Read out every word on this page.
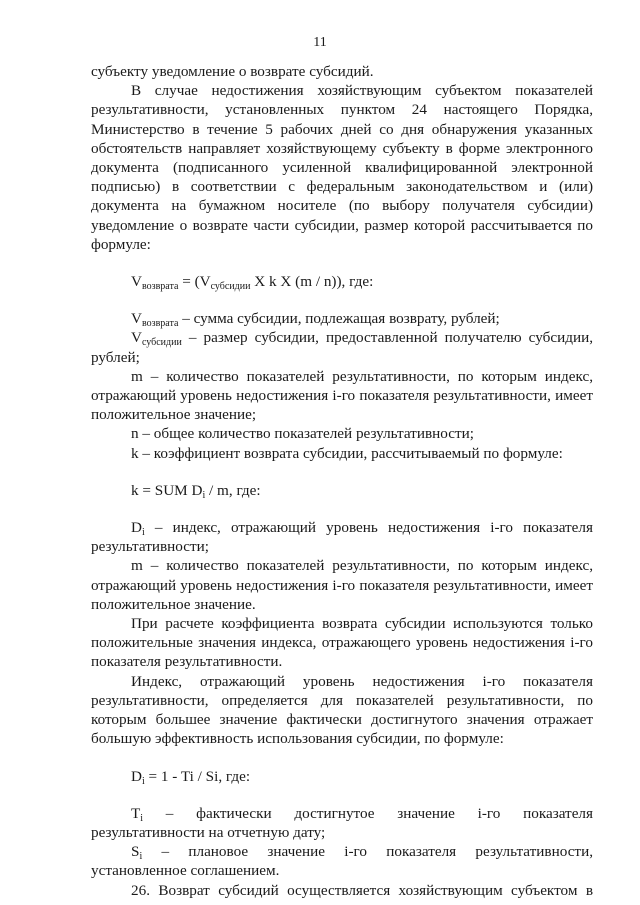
11

субъекту уведомление о возврате субсидий.

В случае недостижения хозяйствующим субъектом показателей результативности, установленных пунктом 24 настоящего Порядка, Министерство в течение 5 рабочих дней со дня обнаружения указанных обстоятельств направляет хозяйствующему субъекту в форме электронного документа (подписанного усиленной квалифицированной электронной подписью) в соответствии с федеральным законодательством и (или) документа на бумажном носителе (по выбору получателя субсидии) уведомление о возврате части субсидии, размер которой рассчитывается по формуле:

$V_{возврата} = (V_{субсидии}$ X k X (m / n)), где:

$V_{возврата}$ – сумма субсидии, подлежащая возврату, рублей;

$V_{субсидии}$ – размер субсидии, предоставленной получателю субсидии, рублей;

m – количество показателей результативности, по которым индекс, отражающий уровень недостижения i-го показателя результативности, имеет положительное значение;

n – общее количество показателей результативности;

k – коэффициент возврата субсидии, рассчитываемый по формуле:

k = SUM $D_i$ / m, где:

$D_i$ – индекс, отражающий уровень недостижения i-го показателя результативности;

m – количество показателей результативности, по которым индекс, отражающий уровень недостижения i-го показателя результативности, имеет положительное значение.

При расчете коэффициента возврата субсидии используются только положительные значения индекса, отражающего уровень недостижения i-го показателя результативности.

Индекс, отражающий уровень недостижения i-го показателя результативности, определяется для показателей результативности, по которым большее значение фактически достигнутого значения отражает большую эффективность использования субсидии, по формуле:

$D_i = 1 - Ti / Si$, где:

$T_i$ – фактически достигнутое значение i-го показателя результативности на отчетную дату;

$S_i$ – плановое значение i-го показателя результативности, установленное соглашением.

26. Возврат субсидий осуществляется хозяйствующим субъектом в
